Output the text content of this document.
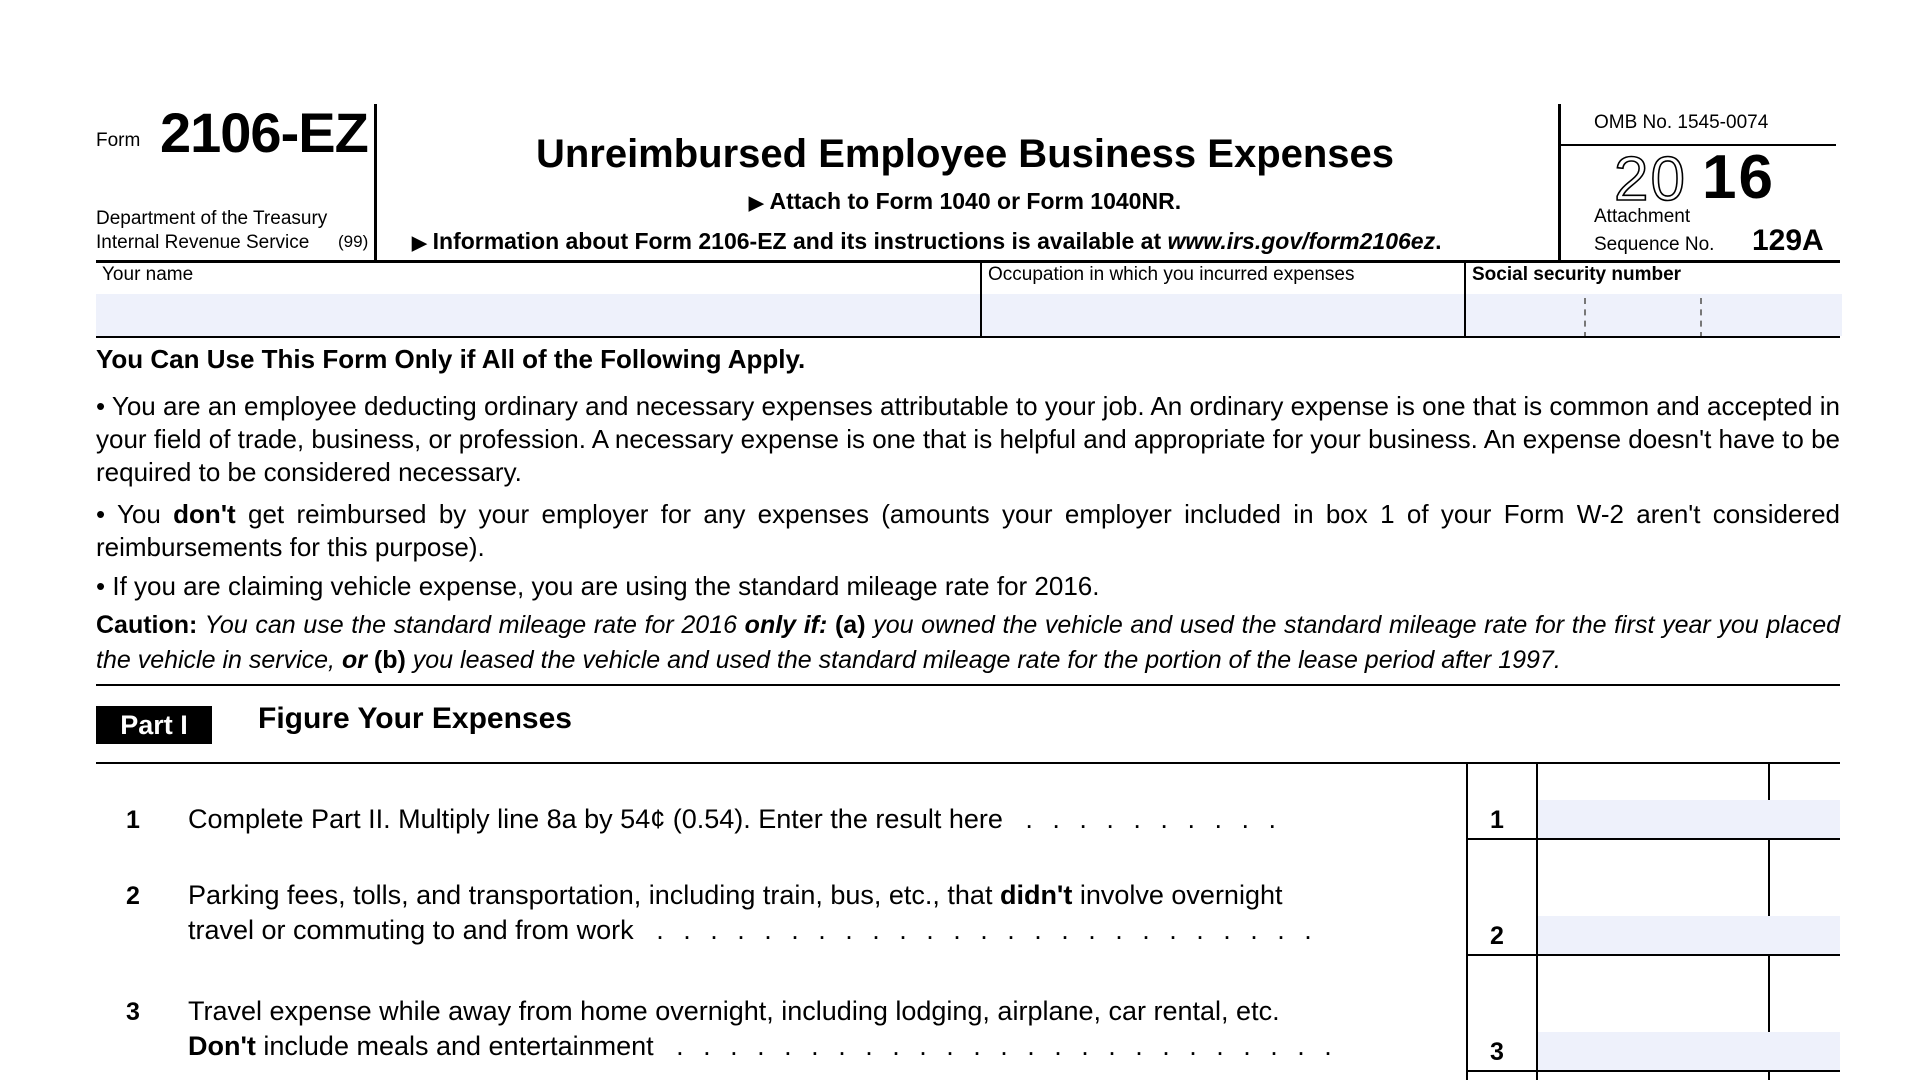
Form 2106-EZ
Department of the Treasury
Internal Revenue Service (99)
Unreimbursed Employee Business Expenses
▶ Attach to Form 1040 or Form 1040NR.
▶ Information about Form 2106-EZ and its instructions is available at www.irs.gov/form2106ez.
OMB No. 1545-0074
20 16
Attachment
Sequence No. 129A
Your name	Occupation in which you incurred expenses	Social security number
You Can Use This Form Only if All of the Following Apply.
• You are an employee deducting ordinary and necessary expenses attributable to your job. An ordinary expense is one that is common and accepted in your field of trade, business, or profession. A necessary expense is one that is helpful and appropriate for your business. An expense doesn't have to be required to be considered necessary.
• You don't get reimbursed by your employer for any expenses (amounts your employer included in box 1 of your Form W-2 aren't considered reimbursements for this purpose).
• If you are claiming vehicle expense, you are using the standard mileage rate for 2016.
Caution: You can use the standard mileage rate for 2016 only if: (a) you owned the vehicle and used the standard mileage rate for the first year you placed the vehicle in service, or (b) you leased the vehicle and used the standard mileage rate for the portion of the lease period after 1997.
Part I	Figure Your Expenses
1 Complete Part II. Multiply line 8a by 54¢ (0.54). Enter the result here . . . . . . . . . .	1
2 Parking fees, tolls, and transportation, including train, bus, etc., that didn't involve overnight
travel or commuting to and from work . . . . . . . . . . . . . . . . . . . . . . . . .	2
3 Travel expense while away from home overnight, including lodging, airplane, car rental, etc.
Don't include meals and entertainment . . . . . . . . . . . . . . . . . . . . . . . . .	3
